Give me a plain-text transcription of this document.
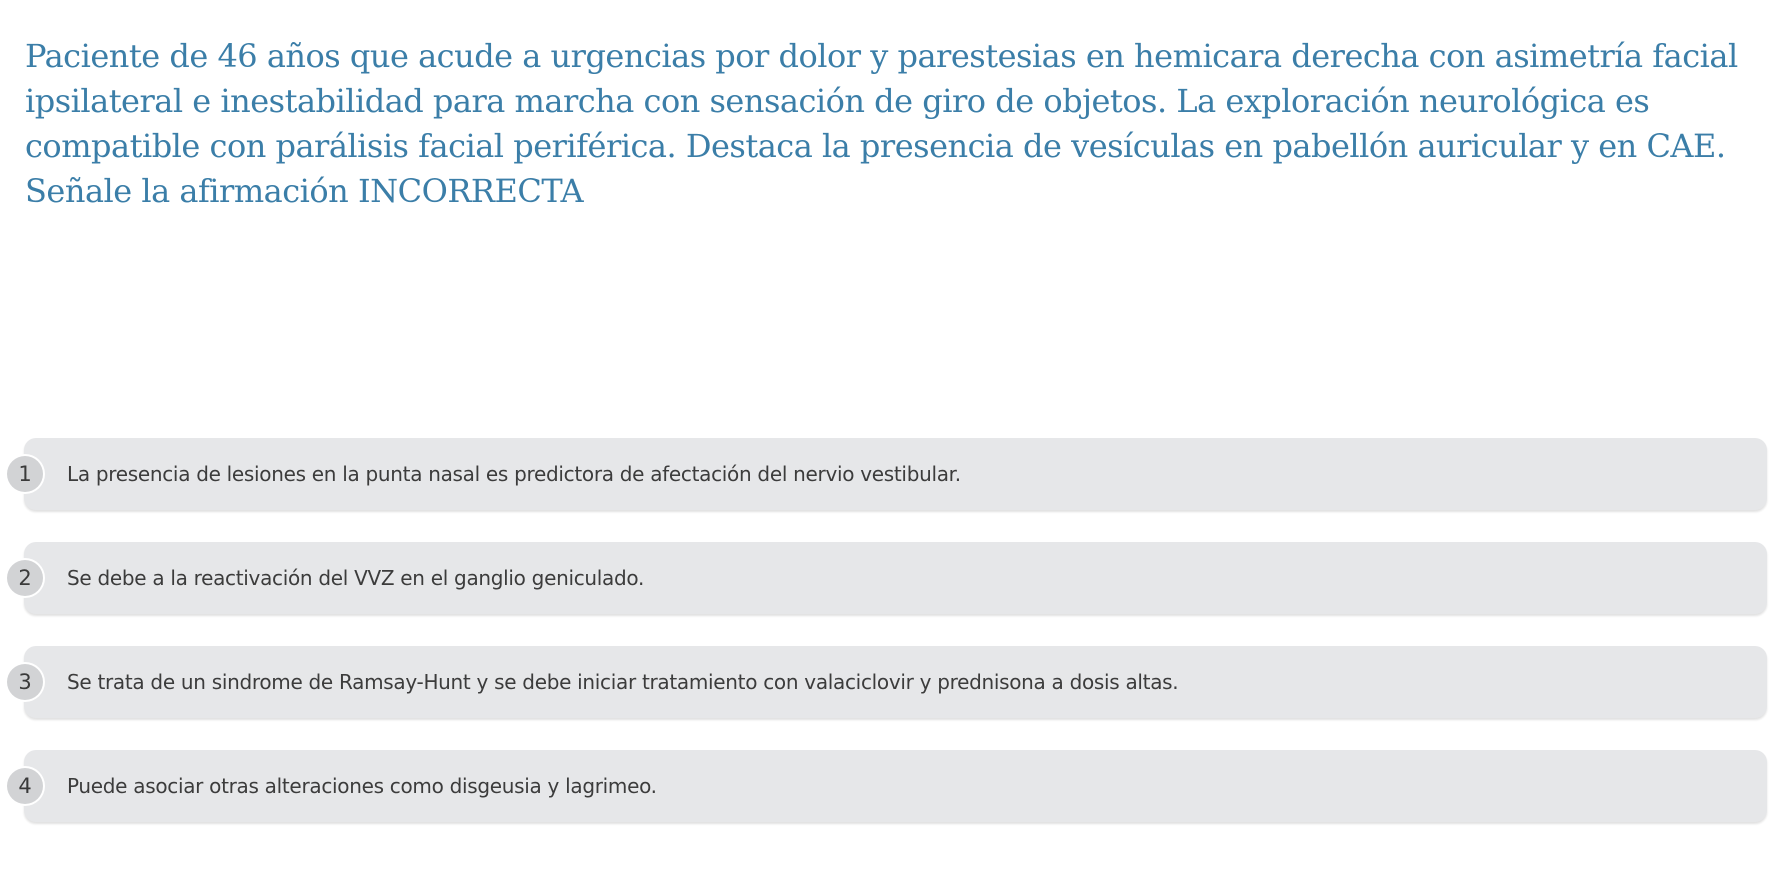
Paciente de 46 años que acude a urgencias por dolor y parestesias en hemicara derecha con asimetría facial ipsilateral e inestabilidad para marcha con sensación de giro de objetos. La exploración neurológica es compatible con parálisis facial periférica. Destaca la presencia de vesículas en pabellón auricular y en CAE. Señale la afirmación INCORRECTA

1	La presencia de lesiones en la punta nasal es predictora de afectación del nervio vestibular.
2	Se debe a la reactivación del VVZ en el ganglio geniculado.
3	Se trata de un sindrome de Ramsay-Hunt y se debe iniciar tratamiento con valaciclovir y prednisona a dosis altas.
4	Puede asociar otras alteraciones como disgeusia y lagrimeo.
